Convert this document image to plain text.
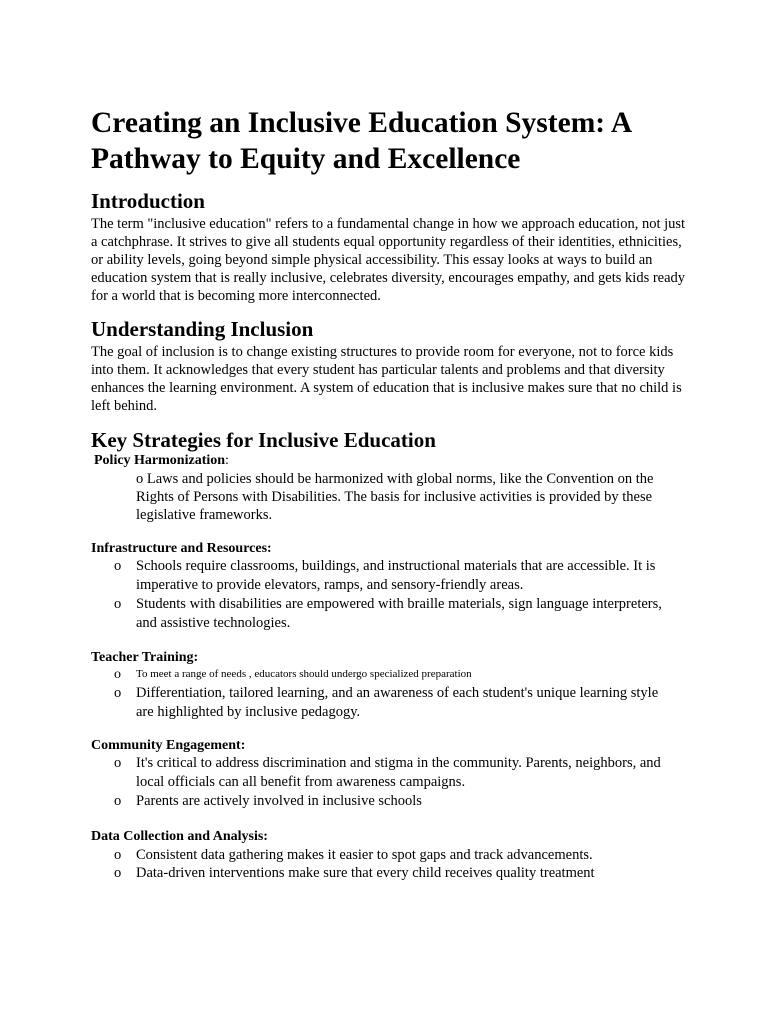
Creating an Inclusive Education System: A Pathway to Equity and Excellence
Introduction

The term "inclusive education" refers to a fundamental change in how we approach education, not just a catchphrase. It strives to give all students equal opportunity regardless of their identities, ethnicities, or ability levels, going beyond simple physical accessibility. This essay looks at ways to build an education system that is really inclusive, celebrates diversity, encourages empathy, and gets kids ready for a world that is becoming more interconnected.

Understanding Inclusion

The goal of inclusion is to change existing structures to provide room for everyone, not to force kids into them. It acknowledges that every student has particular talents and problems and that diversity enhances the learning environment. A system of education that is inclusive makes sure that no child is left behind.

Key Strategies for Inclusive Education
Policy Harmonization:

o Laws and policies should be harmonized with global norms, like the Convention on the Rights of Persons with Disabilities. The basis for inclusive activities is provided by these legislative frameworks.

Infrastructure and Resources:
o	Schools require classrooms, buildings, and instructional materials that are accessible. It is imperative to provide elevators, ramps, and sensory-friendly areas.
o	Students with disabilities are empowered with braille materials, sign language interpreters, and assistive technologies.
Teacher Training:
o	To meet a range of needs , educators should undergo specialized preparation
o	Differentiation, tailored learning, and an awareness of each student's unique learning style are highlighted by inclusive pedagogy.
Community Engagement:
o	It's critical to address discrimination and stigma in the community. Parents, neighbors, and local officials can all benefit from awareness campaigns.
o	Parents are actively involved in inclusive schools
Data Collection and Analysis:
o	Consistent data gathering makes it easier to spot gaps and track advancements.
o	Data-driven interventions make sure that every child receives quality treatment
